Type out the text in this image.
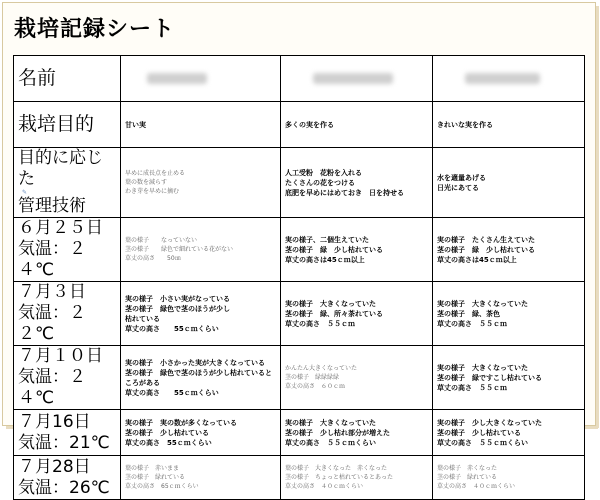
栽培記録シート
名前			
栽培目的	甘い実	多くの実を作る	きれいな実を作る

目的に応じた
✎
管理技術	早めに成長点を止める
葉の数を減らす
わき芽を早めに摘む	人工受粉　花粉を入れる
たくさんの花をつける
底肥を早めにはめておき　日を持せる	水を適量あげる
日光にあてる

６月２５日
気温：２４℃	葉の様子　　なっていない
茎の様子　　緑色で細れている花がない
草丈の高さ　　50㎝	実の様子、二個生えていた
茎の様子　緑　少し枯れている
草丈の高さは45ｃｍ以上	実の様子　たくさん生えていた
茎の様子　緑　少し枯れている
草丈の高さは45ｃｍ以上

７月３日
気温：２２℃	実の様子　小さい実がなっている
茎の様子　緑色で茎のほうが少し
枯れている
草丈の高さ　　55ｃｍくらい	実の様子　大きくなっていた
茎の様子　緑、所々茶れている
草丈の高さ　５５ｃｍ	実の様子　大きくなっていた
茎の様子　緑、茶色
草丈の高さ　５５ｃｍ

７月１０日
気温：２４℃	実の様子　小さかった実が大きくなっている
茎の様子　緑色で茎のほうが少し枯れているところがある
草丈の高さ　　55ｃｍくらい	かんたん大きくなっていた
茎の様子　緑緑緑緑
草丈の高さ　６０ｃｍ	実の様子　大きくなっていた
茎の様子　緑ですこし枯れている
草丈の高さ　５５ｃｍ

７月16日
気温：21℃	実の様子　実の数が多くなっている
茎の様子　少し枯れている
草丈の高さ　55ｃｍくらい	実の様子　大きくなっていた
茎の様子　少し枯れ部分が増えた
草丈の高さ　５５ｃｍくらい	実の様子　少し大きくなっていた
茎の様子　少し枯れている
草丈の高さ　５５ｃｍくらい

７月28日
気温：26℃	葉の様子　赤いまま
茎の様子　緑れている
草丈の高さ　65ｃｍくらい	葉の様子　大きくなった　赤くなった
茎の様子　ちょっと枯れているとあった
草丈の高さ　４０ｃｍくらい	葉の様子　赤くなった
茎の様子　緑れている
草丈の高さ　４０ｃｍくらい
